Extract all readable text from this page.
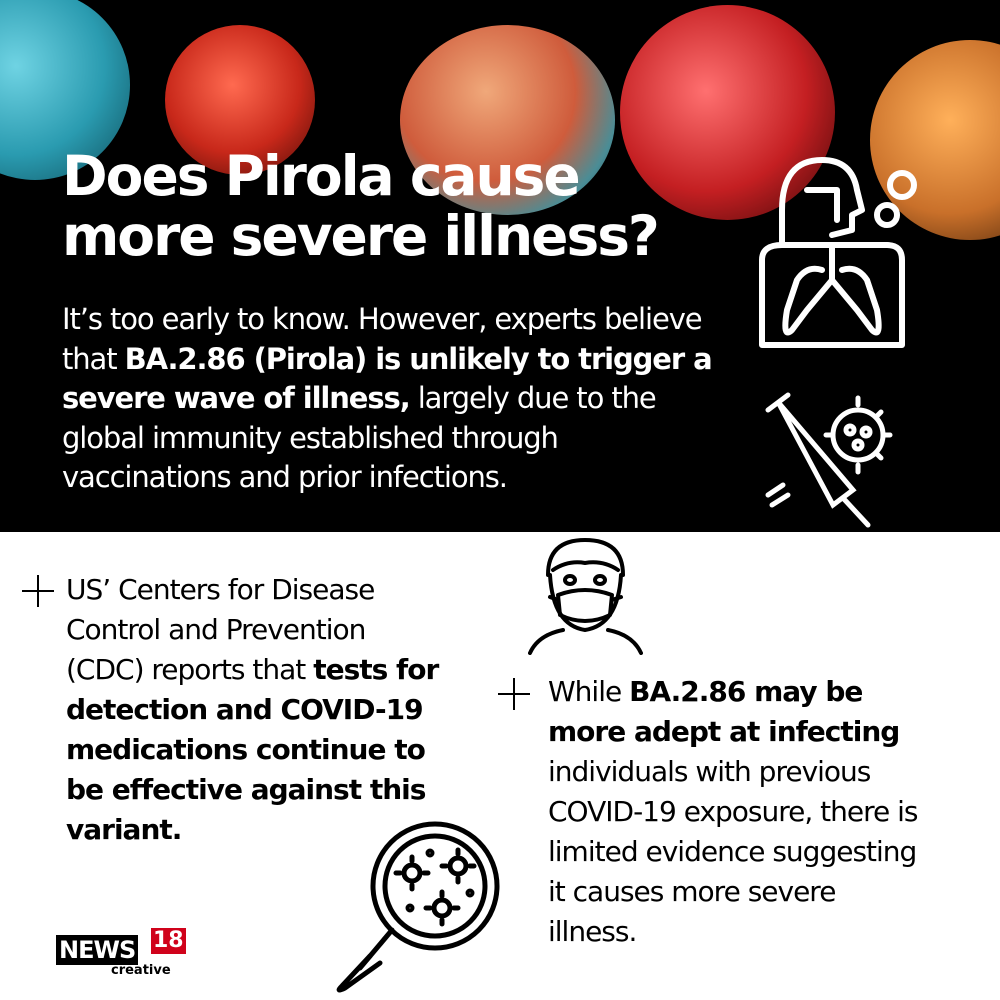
Does Pirola cause
more severe illness?

It’s too early to know. However, experts believe that BA.2.86 (Pirola) is unlikely to trigger a severe wave of illness, largely due to the global immunity established through vaccinations and prior infections.

US’ Centers for Disease Control and Prevention (CDC) reports that tests for detection and COVID-19 medications continue to be effective against this variant.

While BA.2.86 may be more adept at infecting individuals with previous COVID-19 exposure, there is limited evidence suggesting it causes more severe illness.

NEWS 18
creative
